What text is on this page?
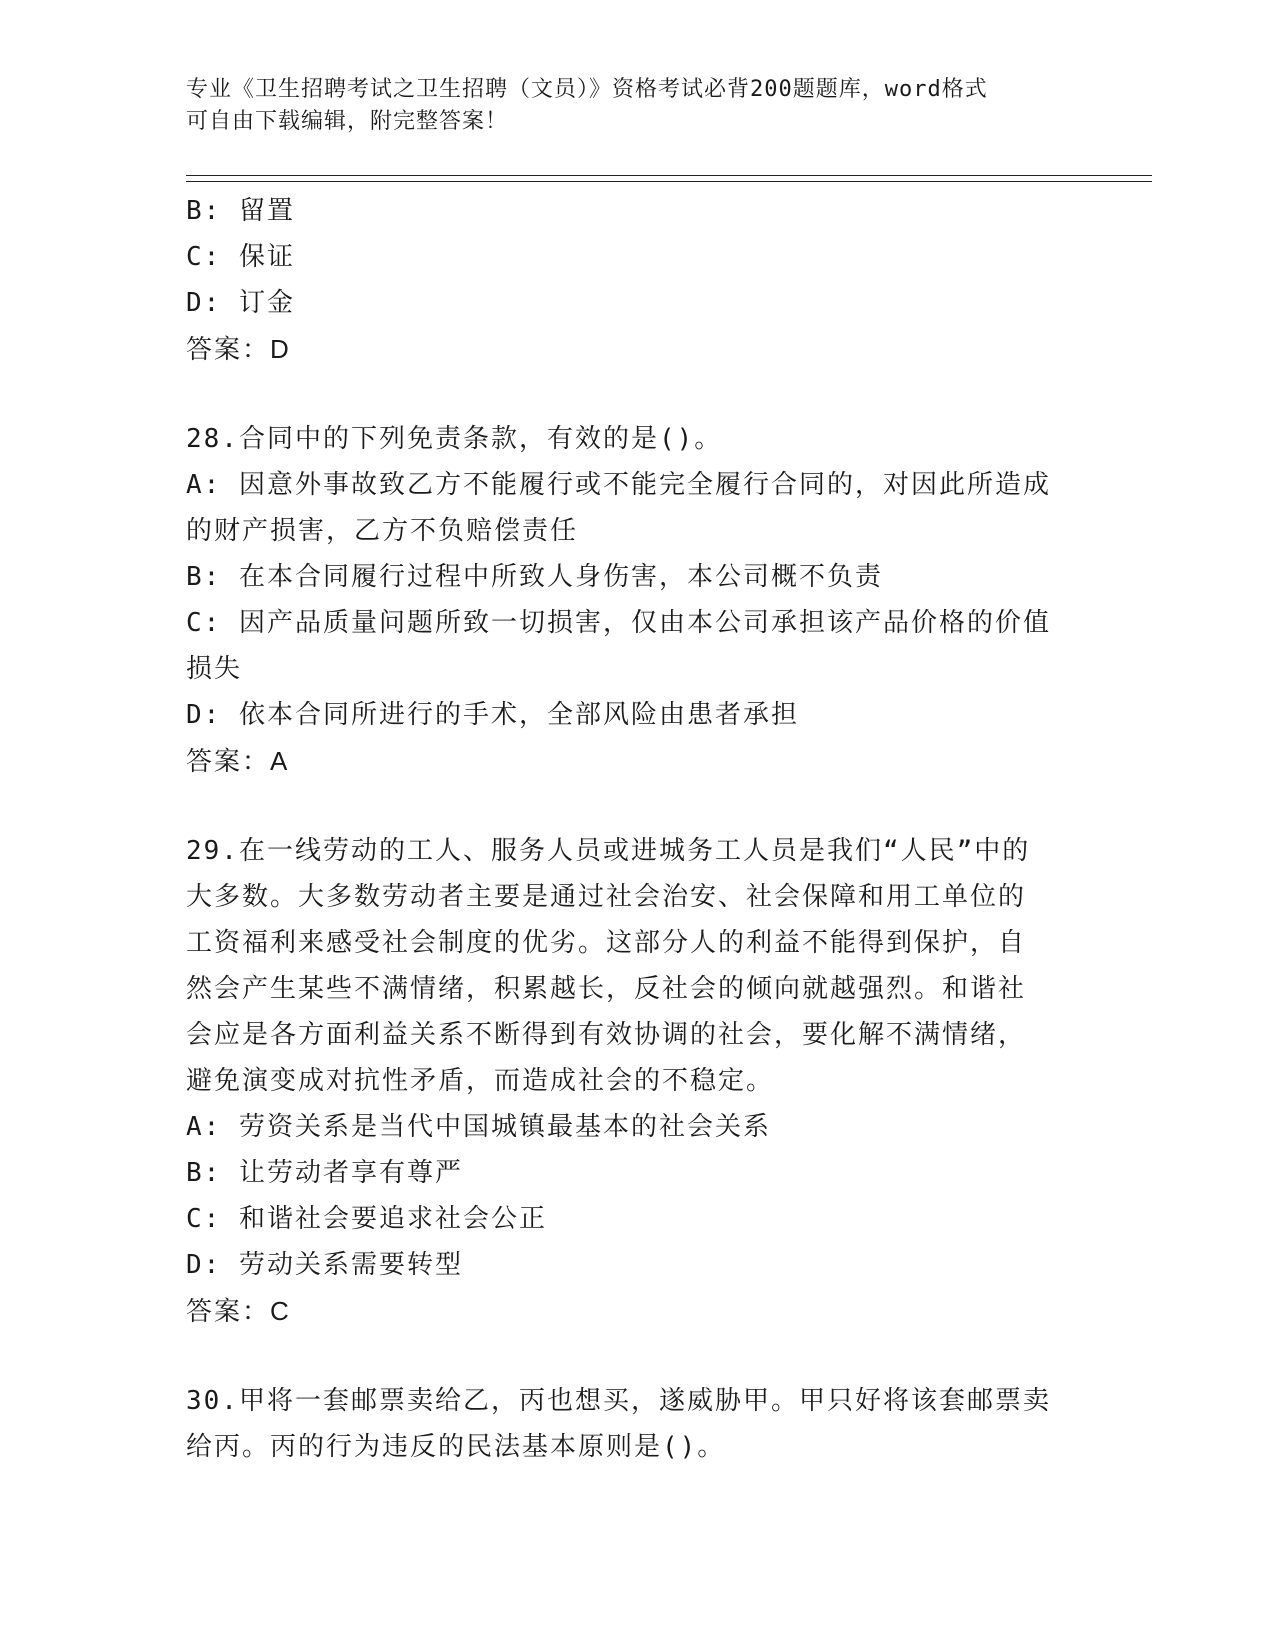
专业《卫生招聘考试之卫生招聘（文员）》资格考试必背200题题库，word格式
可自由下载编辑，附完整答案！
B: 留置
C: 保证
D: 订金
答案：D
28.合同中的下列免责条款，有效的是()。
A: 因意外事故致乙方不能履行或不能完全履行合同的，对因此所造成
的财产损害，乙方不负赔偿责任
B: 在本合同履行过程中所致人身伤害，本公司概不负责
C: 因产品质量问题所致一切损害，仅由本公司承担该产品价格的价值
损失
D: 依本合同所进行的手术，全部风险由患者承担
答案：A
29.在一线劳动的工人、服务人员或进城务工人员是我们“人民”中的
大多数。大多数劳动者主要是通过社会治安、社会保障和用工单位的
工资福利来感受社会制度的优劣。这部分人的利益不能得到保护，自
然会产生某些不满情绪，积累越长，反社会的倾向就越强烈。和谐社
会应是各方面利益关系不断得到有效协调的社会，要化解不满情绪，
避免演变成对抗性矛盾，而造成社会的不稳定。
A: 劳资关系是当代中国城镇最基本的社会关系
B: 让劳动者享有尊严
C: 和谐社会要追求社会公正
D: 劳动关系需要转型
答案：C
30.甲将一套邮票卖给乙，丙也想买，遂威胁甲。甲只好将该套邮票卖
给丙。丙的行为违反的民法基本原则是()。
